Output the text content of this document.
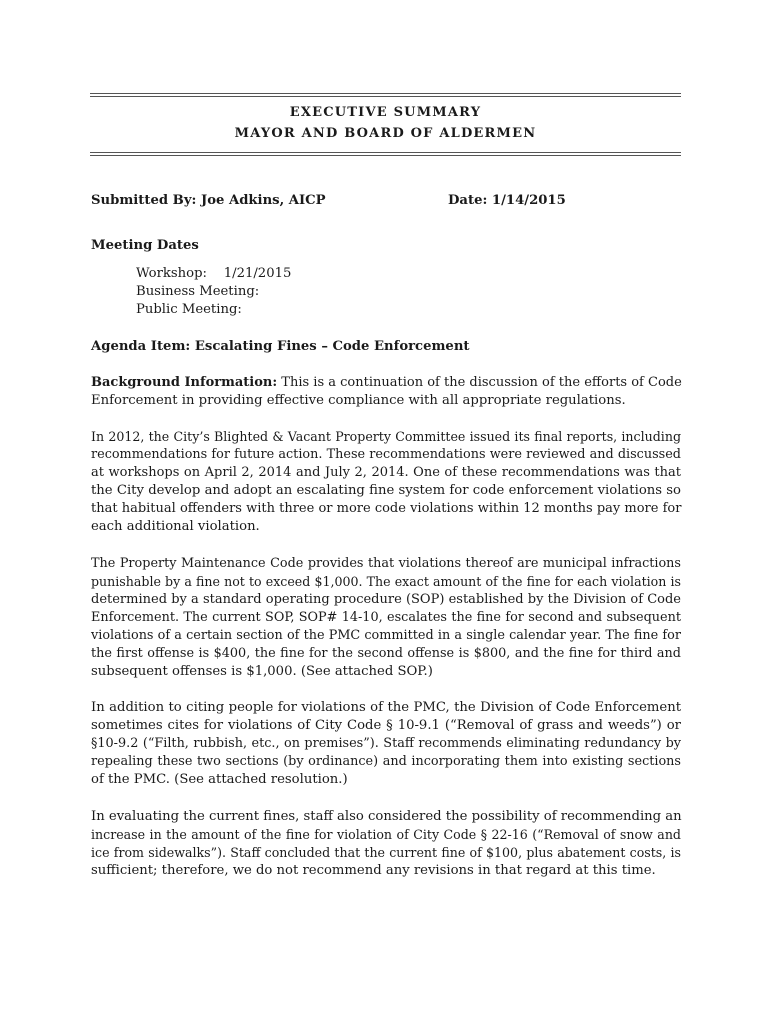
EXECUTIVE SUMMARY
MAYOR AND BOARD OF ALDERMEN
Submitted By: Joe Adkins, AICP	Date: 1/14/2015
Meeting Dates
Workshop:    1/21/2015
Business Meeting:
Public Meeting:
Agenda Item: Escalating Fines – Code Enforcement
Background Information: This is a continuation of the discussion of the efforts of Code
Enforcement in providing effective compliance with all appropriate regulations.
In 2012, the City’s Blighted & Vacant Property Committee issued its final reports, including
recommendations for future action. These recommendations were reviewed and discussed
at workshops on April 2, 2014 and July 2, 2014. One of these recommendations was that
the City develop and adopt an escalating fine system for code enforcement violations so
that habitual offenders with three or more code violations within 12 months pay more for
each additional violation.
The Property Maintenance Code provides that violations thereof are municipal infractions
punishable by a fine not to exceed $1,000. The exact amount of the fine for each violation is
determined by a standard operating procedure (SOP) established by the Division of Code
Enforcement. The current SOP, SOP# 14-10, escalates the fine for second and subsequent
violations of a certain section of the PMC committed in a single calendar year. The fine for
the first offense is $400, the fine for the second offense is $800, and the fine for third and
subsequent offenses is $1,000. (See attached SOP.)
In addition to citing people for violations of the PMC, the Division of Code Enforcement
sometimes cites for violations of City Code § 10-9.1 (“Removal of grass and weeds”) or
§10-9.2 (“Filth, rubbish, etc., on premises”). Staff recommends eliminating redundancy by
repealing these two sections (by ordinance) and incorporating them into existing sections
of the PMC. (See attached resolution.)
In evaluating the current fines, staff also considered the possibility of recommending an
increase in the amount of the fine for violation of City Code § 22-16 (“Removal of snow and
ice from sidewalks”). Staff concluded that the current fine of $100, plus abatement costs, is
sufficient; therefore, we do not recommend any revisions in that regard at this time.
